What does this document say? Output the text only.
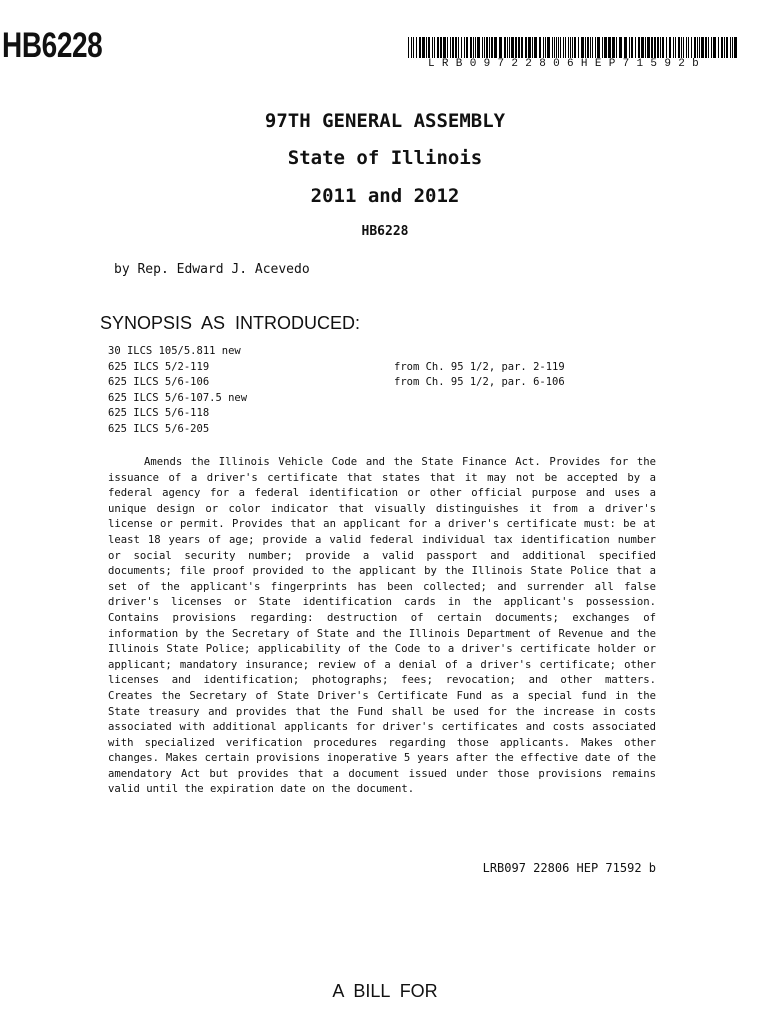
HB6228	LRB09722806HEP71592b
97TH GENERAL ASSEMBLY
State of Illinois
2011 and 2012
HB6228
by Rep. Edward J. Acevedo
SYNOPSIS AS INTRODUCED:
30 ILCS 105/5.811 new
625 ILCS 5/2-119	from Ch. 95 1/2, par. 2-119
625 ILCS 5/6-106	from Ch. 95 1/2, par. 6-106
625 ILCS 5/6-107.5 new
625 ILCS 5/6-118
625 ILCS 5/6-205

Amends the Illinois Vehicle Code and the State Finance Act. Provides for the issuance of a driver's certificate that states that it may not be accepted by a federal agency for a federal identification or other official purpose and uses a unique design or color indicator that visually distinguishes it from a driver's license or permit. Provides that an applicant for a driver's certificate must: be at least 18 years of age; provide a valid federal individual tax identification number or social security number; provide a valid passport and additional specified documents; file proof provided to the applicant by the Illinois State Police that a set of the applicant's fingerprints has been collected; and surrender all false driver's licenses or State identification cards in the applicant's possession. Contains provisions regarding: destruction of certain documents; exchanges of information by the Secretary of State and the Illinois Department of Revenue and the Illinois State Police; applicability of the Code to a driver's certificate holder or applicant; mandatory insurance; review of a denial of a driver's certificate; other licenses and identification; photographs; fees; revocation; and other matters. Creates the Secretary of State Driver's Certificate Fund as a special fund in the State treasury and provides that the Fund shall be used for the increase in costs associated with additional applicants for driver's certificates and costs associated with specialized verification procedures regarding those applicants. Makes other changes. Makes certain provisions inoperative 5 years after the effective date of the amendatory Act but provides that a document issued under those provisions remains valid until the expiration date on the document.

LRB097 22806 HEP 71592 b
A BILL FOR
